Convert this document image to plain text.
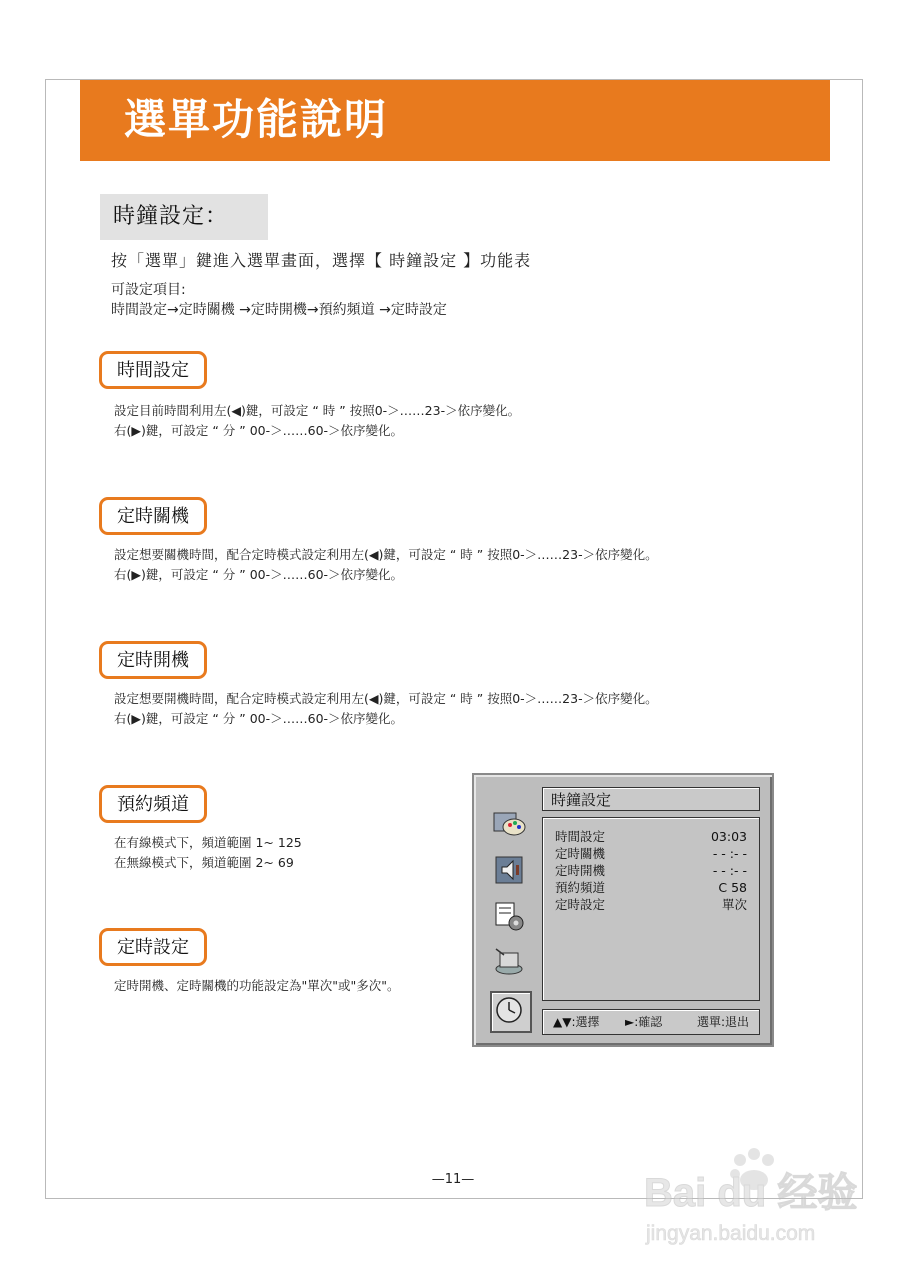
選單功能說明
時鐘設定：
按「選單」鍵進入選單畫面，選擇【 時鐘設定 】功能表
可設定項目:
時間設定→定時關機 →定時開機→預約頻道 →定時設定
時間設定
設定目前時間利用左(◀)鍵，可設定 “ 時 ” 按照0-＞……23-＞依序變化。
右(▶)鍵，可設定 “ 分 ” 00-＞……60-＞依序變化。
定時關機
設定想要關機時間，配合定時模式設定利用左(◀)鍵，可設定 “ 時 ” 按照0-＞……23-＞依序變化。
右(▶)鍵，可設定 “ 分 ” 00-＞……60-＞依序變化。
定時開機
設定想要開機時間，配合定時模式設定利用左(◀)鍵，可設定 “ 時 ” 按照0-＞……23-＞依序變化。
右(▶)鍵，可設定 “ 分 ” 00-＞……60-＞依序變化。
預約頻道
在有線模式下，頻道範圍 1~ 125
在無線模式下，頻道範圍 2~ 69
定時設定
定時開機、定時關機的功能設定為"單次"或"多次"。
時鐘設定
時間設定	03:03
定時關機	- - :- -
定時開機	- - :- -
預約頻道	C 58
定時設定	單次
▲▼:選擇 ►:確認	選單:退出
—11—	Bai du 经验
jingyan.baidu.com
